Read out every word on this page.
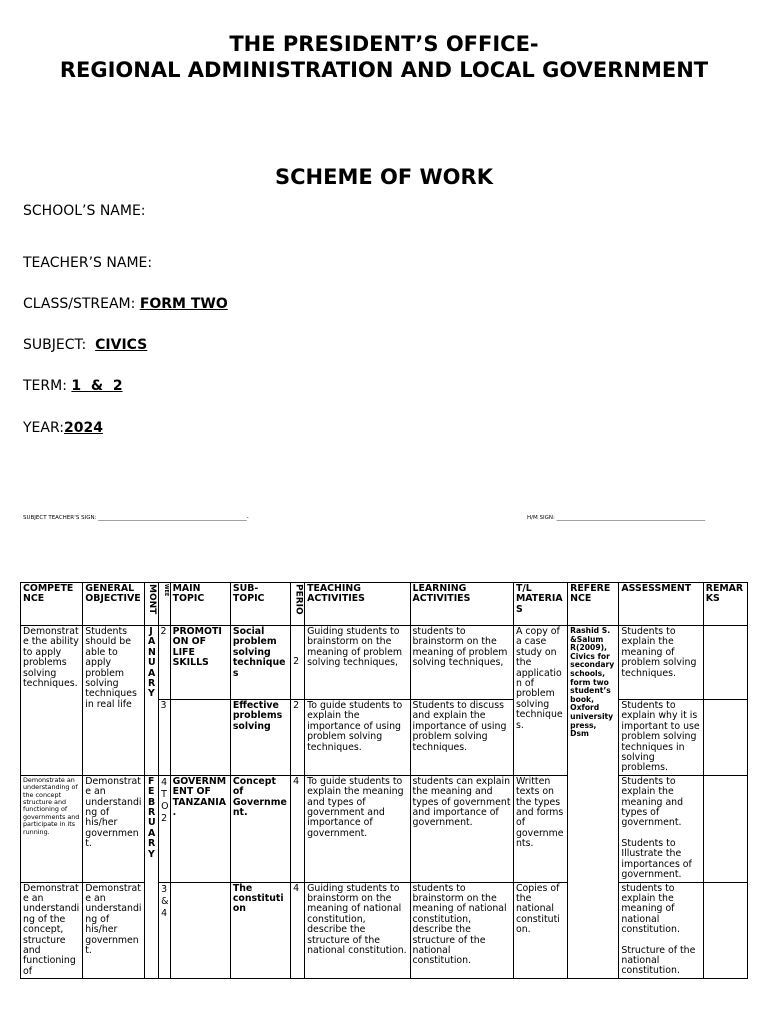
THE PRESIDENT’S OFFICE-
REGIONAL ADMINISTRATION AND LOCAL GOVERNMENT
SCHEME OF WORK
SCHOOL’S NAME:
TEACHER’S NAME:
CLASS/STREAM: FORM TWO
SUBJECT: CIVICS
TERM: 1  &  2
YEAR:2024
SUBJECT TEACHER’S SIGN: ______________________________________________________-	H/M SIGN: ______________________________________________________
COMPETE NCE	GENERAL OBJECTIVE	MONT	WEE	MAIN TOPIC	SUB-TOPIC	PERIO	TEACHING ACTIVITIES	LEARNING ACTIVITIES	T/L MATERIAS	REFERENCE	ASSESSMENT	REMARKS
Demonstrate the ability to apply problems solving techniques.	Students should be able to apply problem solving techniques in real life	JANUARY	2	PROMOTION OF LIFE SKILLS	Social problem solving techniques	2	Guiding students to brainstorm on the meaning of problem solving techniques,	students to brainstorm on the meaning of problem solving techniques,	A copy of a case study on the application of problem solving techniques.	Rashid S. &Salum R(2009), Civics for secondary schools, form two student’s book, Oxford university press, Dsm	Students to explain the meaning of problem solving techniques.	
			3		Effective problems solving	2	To guide students to explain the importance of using problem solving techniques.	Students to discuss and explain the importance of using problem solving techniques.			Students to explain why it is important to use problem solving techniques in solving problems.	
Demonstrate an understanding of the concept structure and functioning of governments and participate in its running.	Demonstrate an understanding of his/her government.	FEBRUARY	4 TO 2	GOVERNMENT OF TANZANIA .	Concept of Government.	4	To guide students to explain the meaning and types of government and importance of government.	students can explain the meaning and types of government and importance of government.	Written texts on the types and forms of governments.		Students to explain the meaning and types of government.
Students to Illustrate the importances of government.	
Demonstrate an understanding of the concept, structure and functioning of	Demonstrate an understanding of his/her government.		3 & 4		The constitution	4	Guiding students to brainstorm on the meaning of national constitution, describe the structure of the national constitution.	students to brainstorm on the meaning of national constitution, describe the structure of the national constitution.	Copies of the national constitution.		students to explain the meaning of national constitution.
Structure of the national constitution.	
